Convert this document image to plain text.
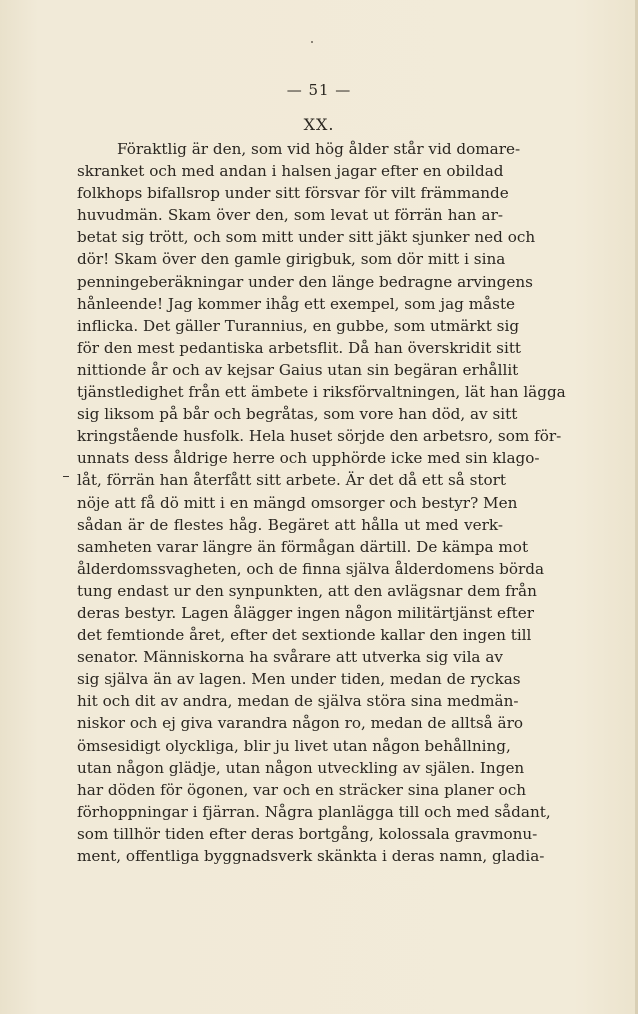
— 51 —
XX.
Föraktlig är den, som vid hög ålder står vid domare-
skranket och med andan i halsen jagar efter en obildad
folkhops bifallsrop under sitt försvar för vilt främmande
huvudmän. Skam över den, som levat ut förrän han ar-
betat sig trött, och som mitt under sitt jäkt sjunker ned och
dör! Skam över den gamle girigbuk, som dör mitt i sina
penningeberäkningar under den länge bedragne arvingens
hånleende! Jag kommer ihåg ett exempel, som jag måste
inflicka. Det gäller Turannius, en gubbe, som utmärkt sig
för den mest pedantiska arbetsflit. Då han överskridit sitt
nittionde år och av kejsar Gaius utan sin begäran erhållit
tjänstledighet från ett ämbete i riksförvaltningen, lät han lägga
sig liksom på bår och begråtas, som vore han död, av sitt
kringstående husfolk. Hela huset sörjde den arbetsro, som för-
unnats dess åldrige herre och upphörde icke med sin klago-
låt, förrän han återfått sitt arbete. Är det då ett så stort
nöje att få dö mitt i en mängd omsorger och bestyr? Men
sådan är de flestes håg. Begäret att hålla ut med verk-
samheten varar längre än förmågan därtill. De kämpa mot
ålderdomssvagheten, och de finna själva ålderdomens börda
tung endast ur den synpunkten, att den avlägsnar dem från
deras bestyr. Lagen ålägger ingen någon militärtjänst efter
det femtionde året, efter det sextionde kallar den ingen till
senator. Människorna ha svårare att utverka sig vila av
sig själva än av lagen. Men under tiden, medan de ryckas
hit och dit av andra, medan de själva störa sina medmän-
niskor och ej giva varandra någon ro, medan de alltså äro
ömsesidigt olyckliga, blir ju livet utan någon behållning,
utan någon glädje, utan någon utveckling av själen. Ingen
har döden för ögonen, var och en sträcker sina planer och
förhoppningar i fjärran. Några planlägga till och med sådant,
som tillhör tiden efter deras bortgång, kolossala gravmonu-
ment, offentliga byggnadsverk skänkta i deras namn, gladia-
